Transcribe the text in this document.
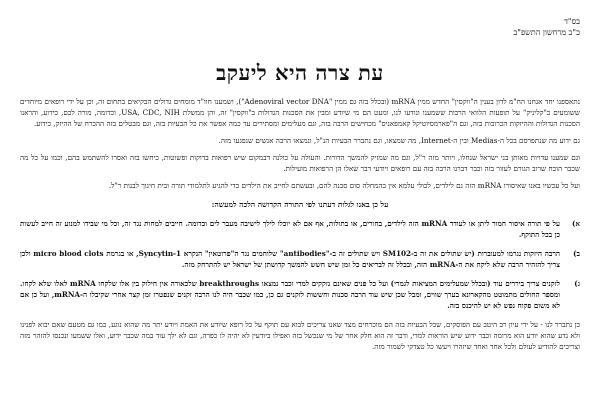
בס"ד
כ"ב מרחשון התשפ"ב
עת צרה היא ליעקב

נתאספנו יחד אנחנו הח"מ לדון בענין ה"ווקסין" החדש ממין mRNA (ובכלל בזה גם ממין "Adenoviral vector DNA"), ושמענו חוו"ד מומחים גדולים הבקיאים בתחום זה, וכן על ידי רופאים מיוחדים ששומעים ב"קליניק" על תופעות הלוואי הרבות ששמענו ונודעו לנו, ומעט הם מי שיודע ומבין את הסכנות הגדולות ב"ווקסין" זה, והן ממשלת USA, CDC, NIH, וכדומה, מורה לכם, כידוע, והראנו הסכנות הגדולות וההיזקות הכרוכות בזה, וגם ה"פארמסיוטיקל קאמפאניס" מכחישים הרבה בזה, וגם מעלימים ומסתירים עד כמה אפשר את כל הבעיות בזה, וגם מבטלים בזה ההכרח של ההיזק, כידוע.

גם ידוע מה שנתפרסם בכל ה-Medias ובין ה-Internet, מה שמצאו, וגם נתברר הבעיות הנ"ל, ונמצאו הרבה אנשים שנפגעו מזה.

וגם שמענו עדויות מאותן בני ישראל שנחלו, ויותר מזה ר"ל, וגם מה שמזיק להמשך הדורות. והעולה על כולנה דבמקום שיש רפואות בדוקות ופשוטות, כיחשו בזה ואסרו להשתמש בהם, וכמו על כל מה שכבר הוכח שרוב הגורם לעזור בזה וכבר דברנו הרבה בזה עם רופאים ויודעי דבר שאלו הן הרפואות מועילות.

ועל כל עכשיו באנו שאיסורו mRNA הזה גם לילדים, לכולי עלמא אין בהמחלה סום סכנה להם, ובעשתם לחייב את הילדים כדי להגיע לתלמודי תורה ובית חינוך לבנות ר"ל.

על כן באנו לגלות דעתנו לפי התורה הקדושה הלכה למעשה:
א)
על פי תורה איסור חמור ליתן או לעודד mRNA הזה לילדים, בחורים, או בתולות, אף אם לא יוכלו לילך לישיבה מעבר לים וכדומה. חייבים למחות נגד זה, וכל מי שבידו למנוע זה חייב לעשות כן בכל התוקף.
ב)
הרבה היזקות נגרמו למעוברות (יש שתולים את זה ב-SM102 ויש שתולים זה ב-"antibodies" שלוחמים נגד ה"פרוטאין" הנקרא Syncytin-1, או בגרמת micro blood clots ולכן צריך להזהיר הרבה שלא ליקח את ה-mRNA הזה, ובכלל זה לבריאים כל זמן שיש חשש להמשך קדושתן של ישראל יש להתרחק מזה.
ג)
לזקנים צריך ביררים עוד (ובכלל שמעלימים המציאות לגמרי) ועל כל פנים שאינם נזקקים למדי וכבר נמצאו breakthroughs שלכאורה אין חילוק בין אלו שלקחו mRNA לאלו שלא לקחו. ומספר החולים מתמוטט מהקארונא בערך שווים, ומבל שכן שיש עוד הרבה סכנות וחששות לזקנים גם כן, כמו שכבר היה לנו הרבה זקנים שנפטרו זמן קצר אחרי שקיבלו ה-mRNA, ועל כן אם לא משום פקוח נפש לא יש להיכנס בזה.

כן נתברר לנו - על ידי עיון רב היטב עם הפוסקים, שכל הבעיות בזה הם מוכרחים מצד שאנו צריכים לבוא עם תוקף על כל רופא שיודע את האמת ויודע יתר מה שהוא נוגע, כמו גם מטעם שאם יבוא לפנינו ולא נדע שהוא יודע הוא מרומה וכבר ידוע שיש הוראות למדי, ודבר זה הוא חלק אחר של מי שנכשל בזה ואפילו ביודעין לא יהיה לו כפרה, וגם לא ילך עוד במה שכבר ידוע, ואלו ששמעו ונכנסו להזהר מזה וצריכים להודיע לעולם ולכל אחד ואחד שיזהרו ויעשו כל טצדקי לשמור מזה.
